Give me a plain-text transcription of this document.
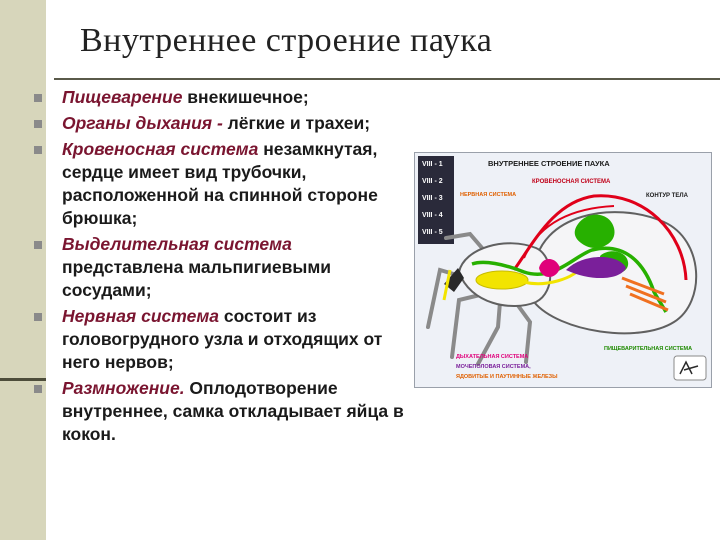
Внутреннее строение паука
Пищеварение внекишечное;
Органы дыхания - лёгкие и трахеи;
Кровеносная система незамкнутая, сердце имеет вид трубочки, расположенной на спинной стороне брюшка;
Выделительная система представлена мальпигиевыми сосудами;
Нервная система состоит из головогрудного узла и отходящих от него нервов;
Размножение. Оплодотворение внутреннее, самка откладывает яйца в кокон.
VIII - 1
VIII - 2
VIII - 3
VIII - 4
VIII - 5
ВНУТРЕННЕЕ СТРОЕНИЕ ПАУКА
НЕРВНАЯ СИСТЕМА
КРОВЕНОСНАЯ СИСТЕМА
КОНТУР ТЕЛА
ПИЩЕВАРИТЕЛЬНАЯ СИСТЕМА
ДЫХАТЕЛЬНАЯ СИСТЕМА
МОЧЕПОЛОВАЯ СИСТЕМА,
ЯДОВИТЫЕ И ПАУТИННЫЕ ЖЕЛЕЗЫ
